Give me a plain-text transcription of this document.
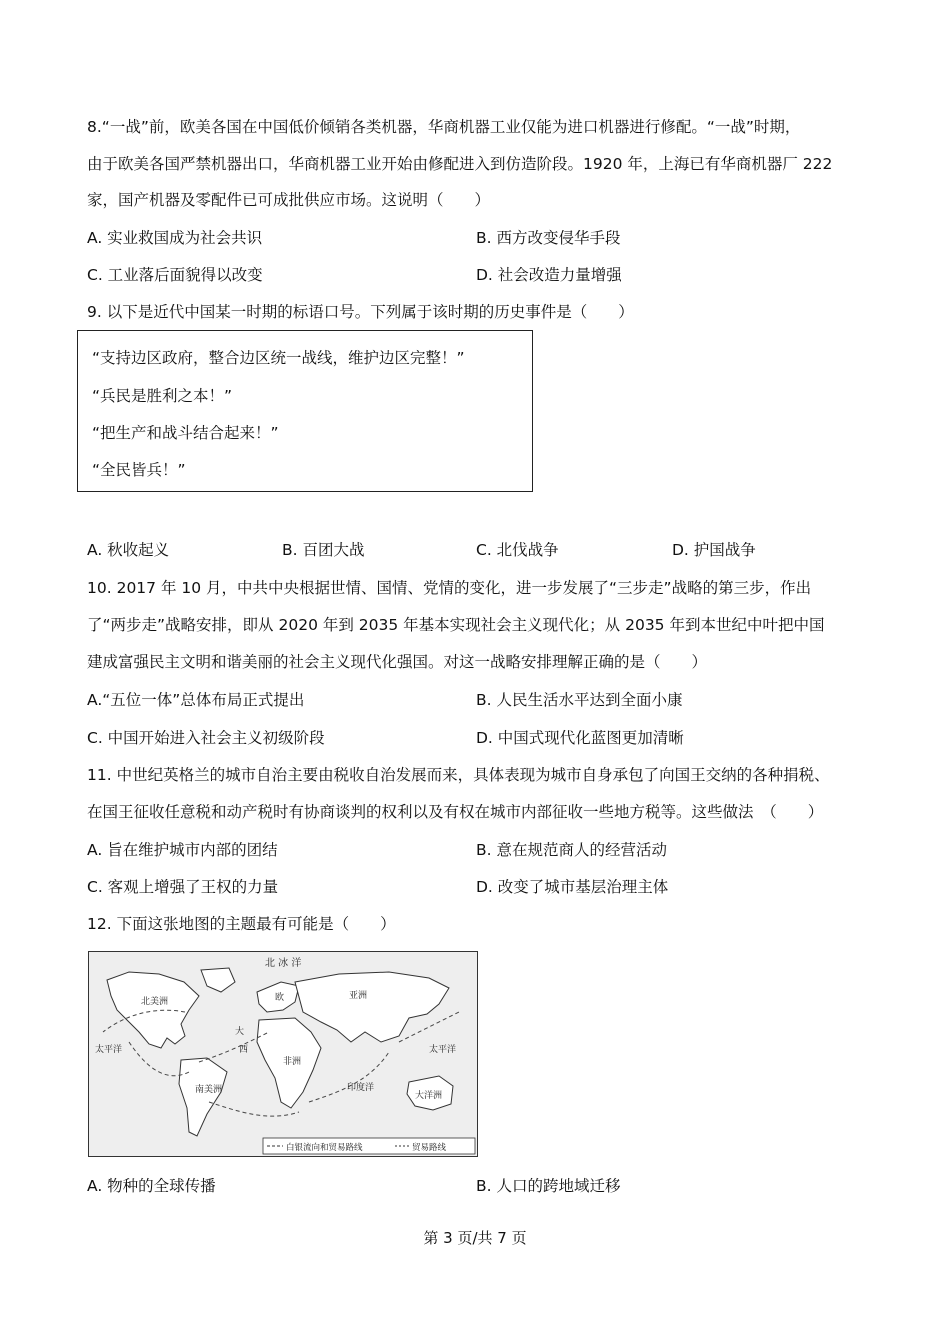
8.“一战”前，欧美各国在中国低价倾销各类机器，华商机器工业仅能为进口机器进行修配。“一战”时期，
由于欧美各国严禁机器出口，华商机器工业开始由修配进入到仿造阶段。1920 年，上海已有华商机器厂 222
家，国产机器及零配件已可成批供应市场。这说明（　　）
A. 实业救国成为社会共识	B. 西方改变侵华手段
C. 工业落后面貌得以改变	D. 社会改造力量增强
9. 以下是近代中国某一时期的标语口号。下列属于该时期的历史事件是（　　）
“支持边区政府，整合边区统一战线，维护边区完整！”
“兵民是胜利之本！”
“把生产和战斗结合起来！”
“全民皆兵！”
A. 秋收起义	B. 百团大战	C. 北伐战争	D. 护国战争
10. 2017 年 10 月，中共中央根据世情、国情、党情的变化，进一步发展了“三步走”战略的第三步，作出
了“两步走”战略安排，即从 2020 年到 2035 年基本实现社会主义现代化；从 2035 年到本世纪中叶把中国
建成富强民主文明和谐美丽的社会主义现代化强国。对这一战略安排理解正确的是（　　）
A.“五位一体”总体布局正式提出	B. 人民生活水平达到全面小康
C. 中国开始进入社会主义初级阶段	D. 中国式现代化蓝图更加清晰
11. 中世纪英格兰的城市自治主要由税收自治发展而来，具体表现为城市自身承包了向国王交纳的各种捐税、
在国王征收任意税和动产税时有协商谈判的权利以及有权在城市内部征收一些地方税等。这些做法　（　　）
A. 旨在维护城市内部的团结	B. 意在规范商人的经营活动
C. 客观上增强了王权的力量	D. 改变了城市基层治理主体
12. 下面这张地图的主题最有可能是（　　）
北 冰 洋
北美洲
南美洲
非洲
亚洲
欧
大
西
太平洋	太平洋
印度洋
大洋洲
白银流向和贸易路线	贸易路线
A. 物种的全球传播	B. 人口的跨地域迁移
第 3 页/共 7 页
